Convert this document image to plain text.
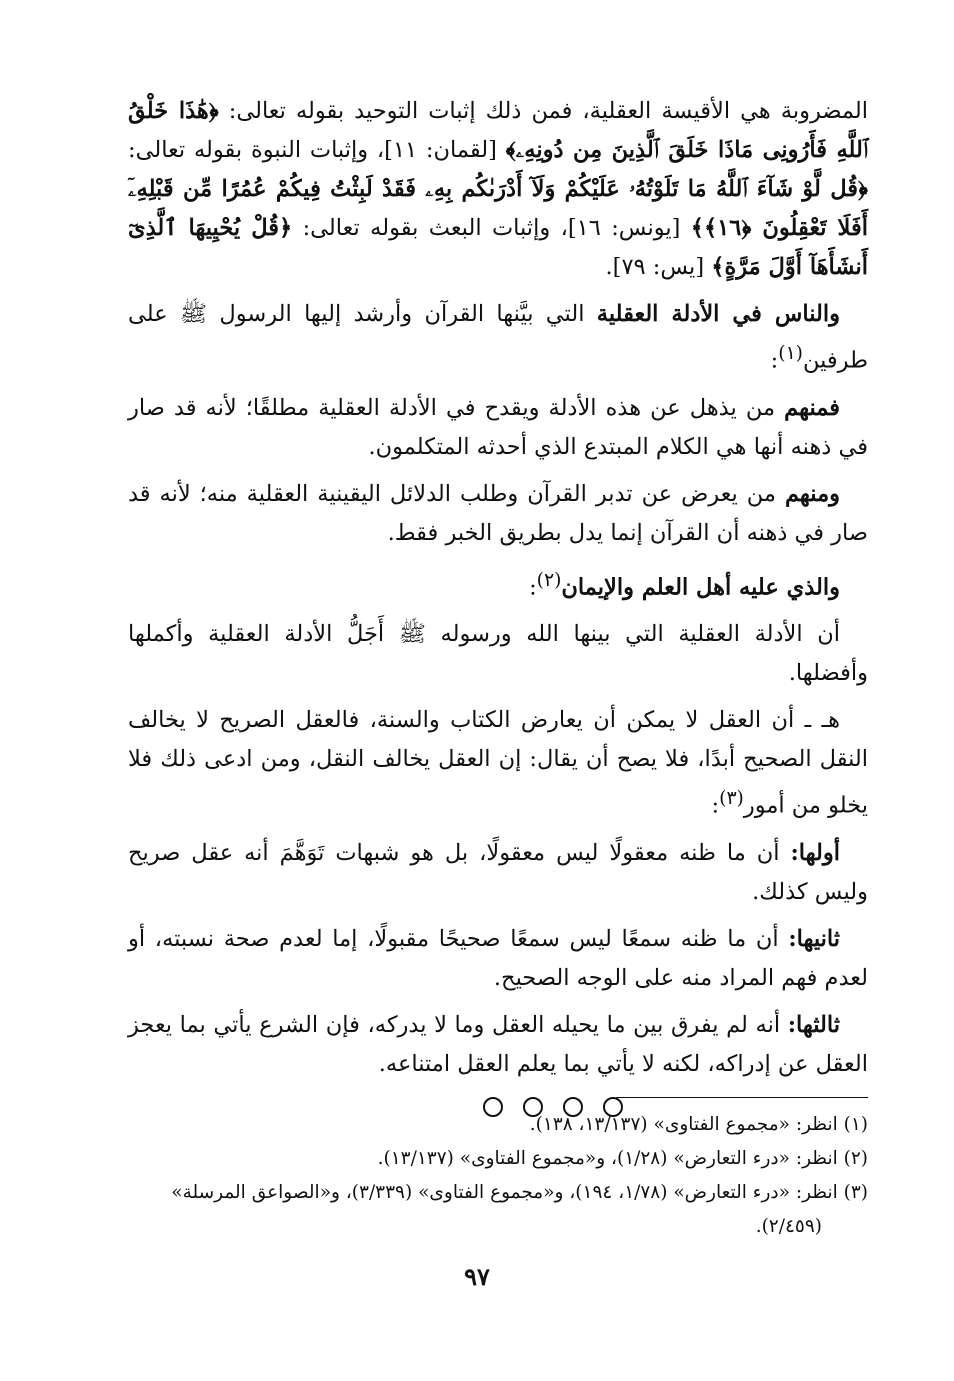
المضروبة هي الأقيسة العقلية، فمن ذلك إثبات التوحيد بقوله تعالى: ﴿هَٰذَا خَلْقُ ٱللَّهِ فَأَرُونِى مَاذَا خَلَقَ ٱلَّذِينَ مِن دُونِهِۦ﴾ [لقمان: ١١]، وإثبات النبوة بقوله تعالى: ﴿قُل لَّوْ شَآءَ ٱللَّهُ مَا تَلَوْتُهُۥ عَلَيْكُمْ وَلَآ أَدْرَىٰكُم بِهِۦ فَقَدْ لَبِثْتُ فِيكُمْ عُمُرًا مِّن قَبْلِهِۦٓ أَفَلَا تَعْقِلُونَ ﴿١٦﴾﴾ [يونس: ١٦]، وإثبات البعث بقوله تعالى: ﴿قُلْ يُحْيِيهَا ٱلَّذِىٓ أَنشَأَهَآ أَوَّلَ مَرَّةٍ﴾ [يس: ٧٩].

والناس في الأدلة العقلية التي بيَّنها القرآن وأرشد إليها الرسول ﷺ على طرفين$^{(١)}$:

فمنهم من يذهل عن هذه الأدلة ويقدح في الأدلة العقلية مطلقًا؛ لأنه قد صار في ذهنه أنها هي الكلام المبتدع الذي أحدثه المتكلمون.

ومنهم من يعرض عن تدبر القرآن وطلب الدلائل اليقينية العقلية منه؛ لأنه قد صار في ذهنه أن القرآن إنما يدل بطريق الخبر فقط.

والذي عليه أهل العلم والإيمان$^{(٢)}$:

أن الأدلة العقلية التي بينها الله ورسوله ﷺ أَجَلُّ الأدلة العقلية وأكملها وأفضلها.

هـ ـ أن العقل لا يمكن أن يعارض الكتاب والسنة، فالعقل الصريح لا يخالف النقل الصحيح أبدًا، فلا يصح أن يقال: إن العقل يخالف النقل، ومن ادعى ذلك فلا يخلو من أمور$^{(٣)}$:

أولها: أن ما ظنه معقولًا ليس معقولًا، بل هو شبهات تَوَهَّمَ أنه عقل صريح وليس كذلك.

ثانيها: أن ما ظنه سمعًا ليس سمعًا صحيحًا مقبولًا، إما لعدم صحة نسبته، أو لعدم فهم المراد منه على الوجه الصحيح.

ثالثها: أنه لم يفرق بين ما يحيله العقل وما لا يدركه، فإن الشرع يأتي بما يعجز العقل عن إدراكه، لكنه لا يأتي بما يعلم العقل امتناعه.

(١) انظر: «مجموع الفتاوى» (١٣/١٣٧، ١٣٨).

(٢) انظر: «درء التعارض» (١/٢٨)، و«مجموع الفتاوى» (١٣/١٣٧).

(٣) انظر: «درء التعارض» (١/٧٨، ١٩٤)، و«مجموع الفتاوى» (٣/٣٣٩)، و«الصواعق المرسلة» (٢/٤٥٩).

٩٧
